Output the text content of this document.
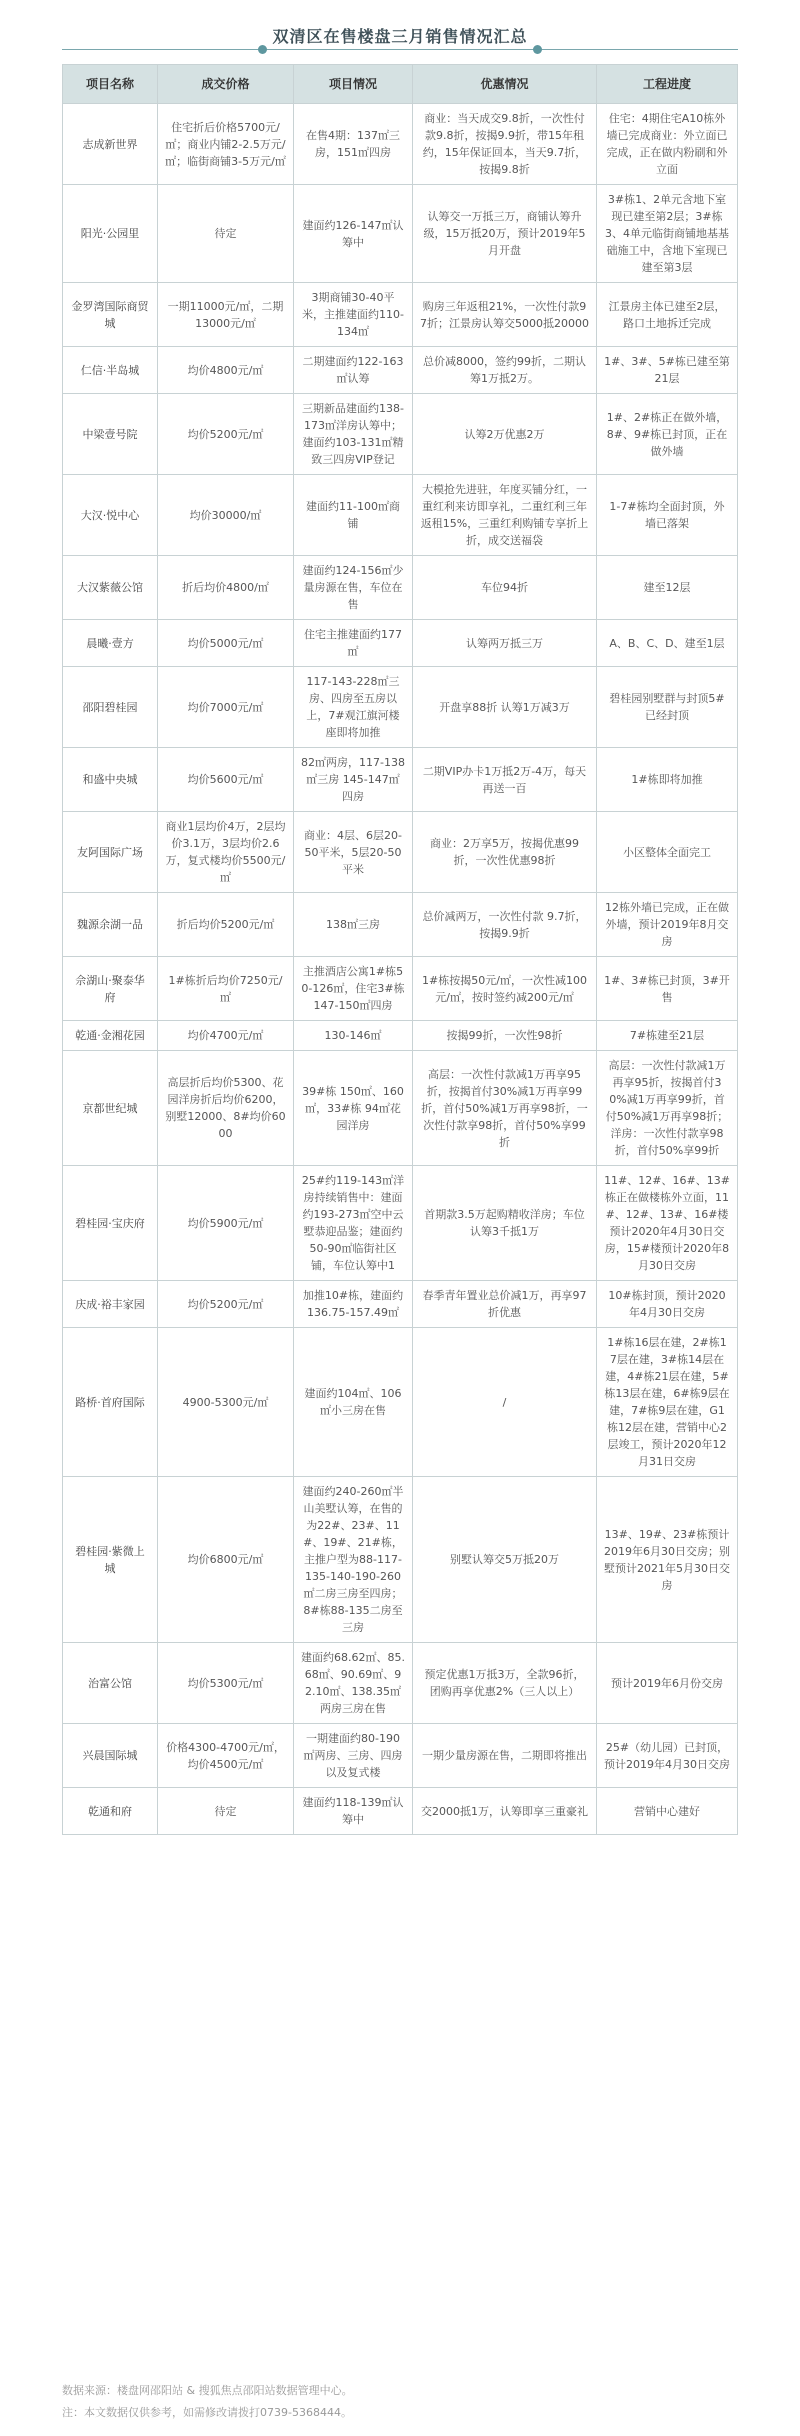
双清区在售楼盘三月销售情况汇总
项目名称	成交价格	项目情况	优惠情况	工程进度
志成新世界	住宅折后价格5700元/㎡；商业内铺2-2.5万元/㎡；临街商铺3-5万元/㎡	在售4期：137㎡三房，151㎡四房	商业：当天成交9.8折，一次性付款9.8折，按揭9.9折，带15年租约，15年保证回本，当天9.7折，按揭9.8折	住宅：4期住宅A10栋外墙已完成商业：外立面已完成，正在做内粉刷和外立面
阳光·公园里	待定	建面约126-147㎡认筹中	认筹交一万抵三万，商铺认筹升级，15万抵20万，预计2019年5月开盘	3#栋1、2单元含地下室现已建至第2层；3#栋3、4单元临街商铺地基基础施工中，含地下室现已建至第3层
金罗湾国际商贸城	一期11000元/㎡，二期13000元/㎡	3期商铺30-40平米，主推建面约110-134㎡	购房三年返租21%，一次性付款97折；江景房认筹交5000抵20000	江景房主体已建至2层，路口土地拆迁完成
仁信·半岛城	均价4800元/㎡	二期建面约122-163㎡认筹	总价减8000，签约99折，二期认筹1万抵2万。	1#、3#、5#栋已建至第21层
中梁壹号院	均价5200元/㎡	三期新品建面约138-173㎡洋房认筹中；建面约103-131㎡精致三四房VIP登记	认筹2万优惠2万	1#、2#栋正在做外墙，8#、9#栋已封顶，正在做外墙
大汉·悦中心	均价30000/㎡	建面约11-100㎡商铺	大模抢先进驻，年度买铺分红，一重红利来访即享礼，二重红利三年返租15%，三重红利购铺专享折上折，成交送福袋	1-7#栋均全面封顶，外墙已落架
大汉紫薇公馆	折后均价4800/㎡	建面约124-156㎡少量房源在售，车位在售	车位94折	建至12层
晨曦·壹方	均价5000元/㎡	住宅主推建面约177㎡	认筹两万抵三万	A、B、C、D、建至1层
邵阳碧桂园	均价7000元/㎡	117-143-228㎡三房、四房至五房以上，7#观江旗河楼座即将加推	开盘享88折 认筹1万减3万	碧桂园别墅群与封顶5#已经封顶
和盛中央城	均价5600元/㎡	82㎡两房，117-138㎡三房 145-147㎡四房	二期VIP办卡1万抵2万-4万，每天再送一百	1#栋即将加推
友阿国际广场	商业1层均价4万，2层均价3.1万，3层均价2.6万，复式楼均价5500元/㎡	商业：4层、6层20-50平米，5层20-50平米	商业：2万享5万，按揭优惠99折，一次性优惠98折	小区整体全面完工
魏源余湖一品	折后均价5200元/㎡	138㎡三房	总价减两万，一次性付款 9.7折，按揭9.9折	12栋外墙已完成，正在做外墙，预计2019年8月交房
佘湖山·聚泰华府	1#栋折后均价7250元/㎡	主推酒店公寓1#栋50-126㎡，住宅3#栋147-150㎡四房	1#栋按揭50元/㎡，一次性减100元/㎡，按时签约减200元/㎡	1#、3#栋已封顶，3#开售
乾通·金湘花园	均价4700元/㎡	130-146㎡	按揭99折，一次性98折	7#栋建至21层
京都世纪城	高层折后均价5300、花园洋房折后均价6200，别墅12000、8#均价6000	39#栋 150㎡、160㎡，33#栋 94㎡花园洋房	高层：一次性付款减1万再享95折，按揭首付30%减1万再享99折，首付50%减1万再享98折，一次性付款享98折，首付50%享99折	高层：一次性付款减1万再享95折，按揭首付30%减1万再享99折，首付50%减1万再享98折；洋房：一次性付款享98折，首付50%享99折
碧桂园·宝庆府	均价5900元/㎡	25#约119-143㎡洋房持续销售中：建面约193-273㎡空中云墅恭迎品鉴；建面约50-90㎡临街社区铺，车位认筹中1	首期款3.5万起购精收洋房；车位认筹3千抵1万	11#、12#、16#、13#栋正在做楼栋外立面，11#、12#、13#、16#楼预计2020年4月30日交房，15#楼预计2020年8月30日交房
庆成·裕丰家园	均价5200元/㎡	加推10#栋，建面约136.75-157.49㎡	春季青年置业总价减1万，再享97折优惠	10#栋封顶，预计2020年4月30日交房
路桥·首府国际	4900-5300元/㎡	建面约104㎡、106㎡小三房在售	/	1#栋16层在建，2#栋17层在建，3#栋14层在建，4#栋21层在建，5#栋13层在建，6#栋9层在建，7#栋9层在建，G1栋12层在建，营销中心2层竣工，预计2020年12月31日交房
碧桂园·紫微上城	均价6800元/㎡	建面约240-260㎡半山美墅认筹，在售的为22#、23#、11#、19#、21#栋，主推户型为88-117-135-140-190-260㎡二房三房至四房；8#栋88-135二房至三房	别墅认筹交5万抵20万	13#、19#、23#栋预计2019年6月30日交房；别墅预计2021年5月30日交房
治富公馆	均价5300元/㎡	建面约68.62㎡、85.68㎡、90.69㎡、92.10㎡、138.35㎡两房三房在售	预定优惠1万抵3万，全款96折，团购再享优惠2%（三人以上）	预计2019年6月份交房
兴晨国际城	价格4300-4700元/㎡，均价4500元/㎡	一期建面约80-190㎡两房、三房、四房以及复式楼	一期少量房源在售，二期即将推出	25#（幼儿园）已封顶，预计2019年4月30日交房
乾通和府	待定	建面约118-139㎡认筹中	交2000抵1万，认筹即享三重豪礼	营销中心建好
数据来源：楼盘网邵阳站 & 搜狐焦点邵阳站数据管理中心。
注：本文数据仅供参考，如需修改请拨打0739-5368444。
